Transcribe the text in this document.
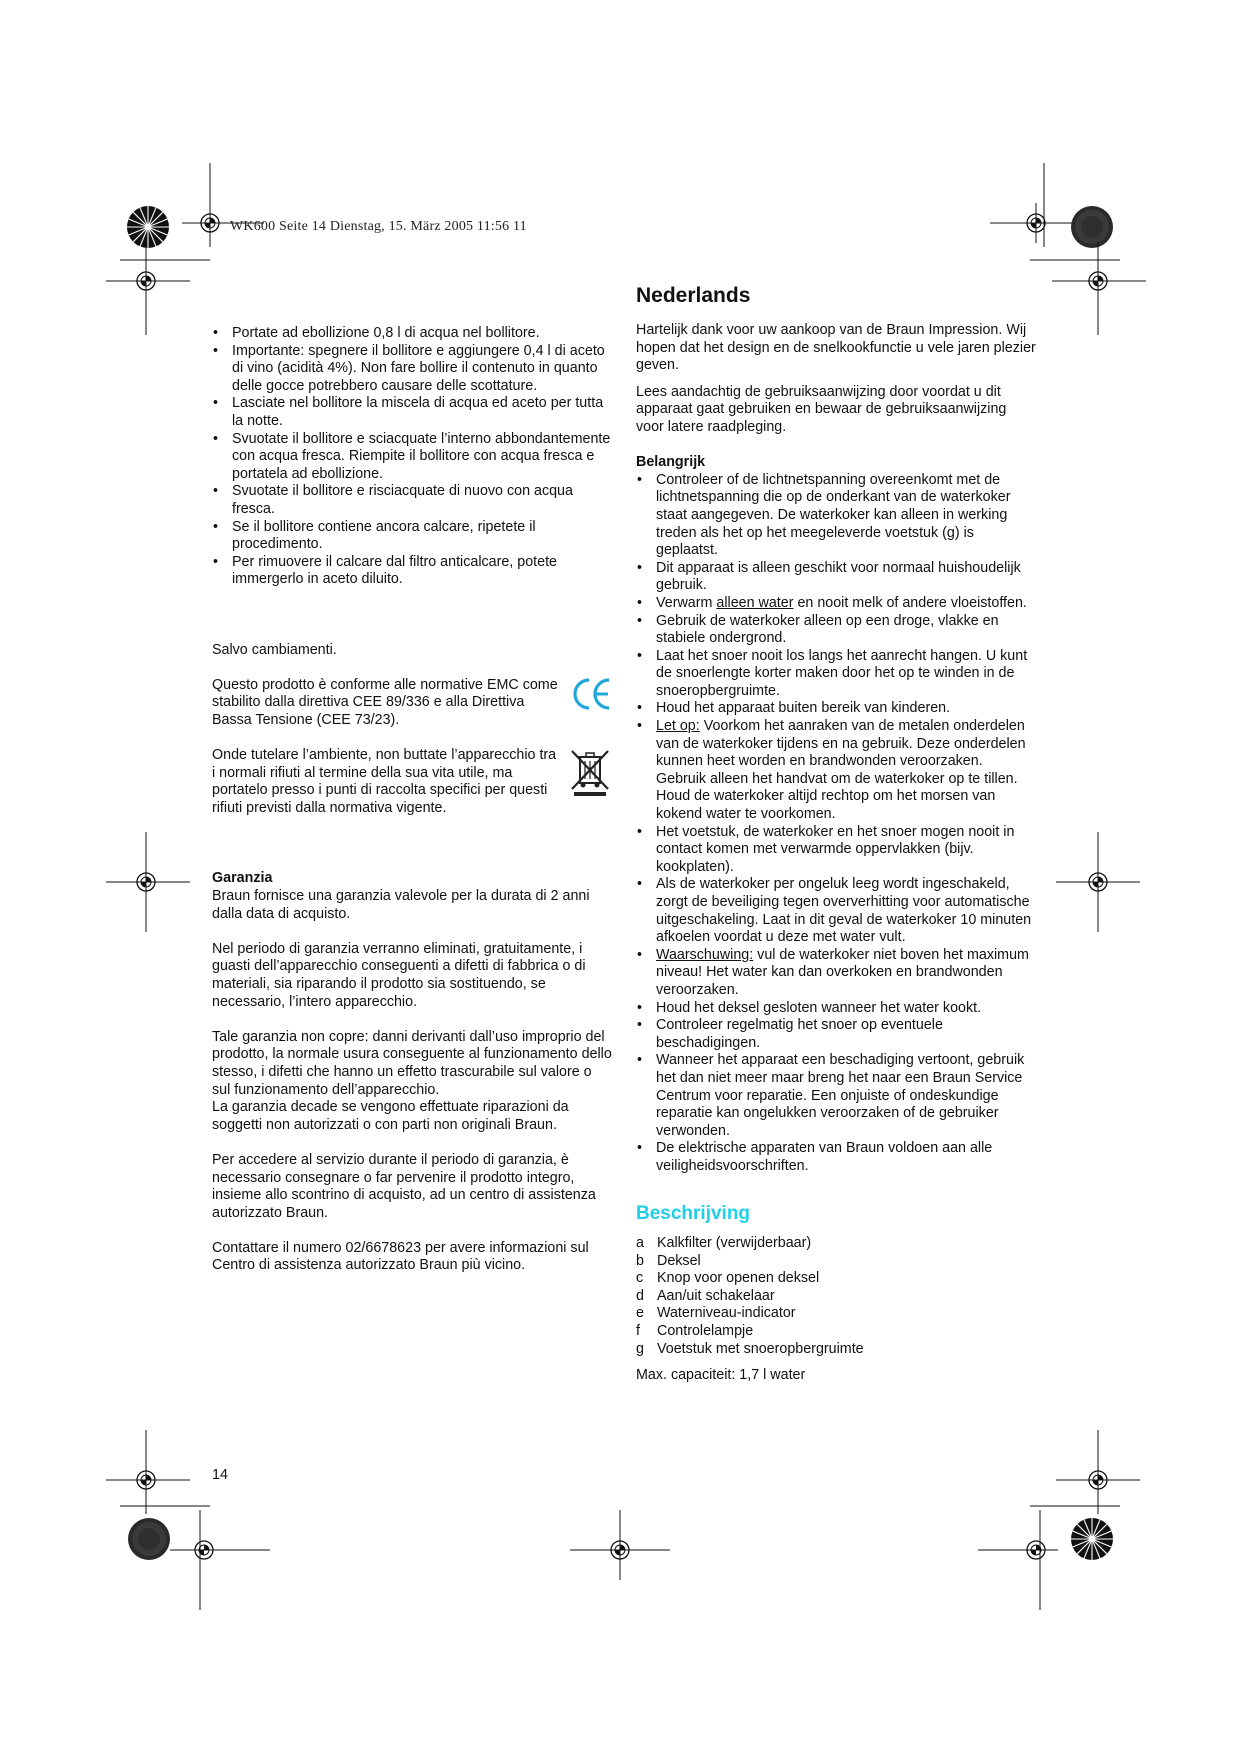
WK600 Seite 14 Dienstag, 15. März 2005 11:56 11
• Portate ad ebollizione 0,8 l di acqua nel bollitore.
• Importante: spegnere il bollitore e aggiungere 0,4 l di aceto di vino (acidità 4%). Non fare bollire il contenuto in quanto delle gocce potrebbero causare delle scottature.
• Lasciate nel bollitore la miscela di acqua ed aceto per tutta la notte.
• Svuotate il bollitore e sciacquate l’interno abbondantemente con acqua fresca. Riempite il bollitore con acqua fresca e portatela ad ebollizione.
• Svuotate il bollitore e risciacquate di nuovo con acqua fresca.
• Se il bollitore contiene ancora calcare, ripetete il procedimento.
• Per rimuovere il calcare dal filtro anticalcare, potete immergerlo in aceto diluito.

Salvo cambiamenti.

Questo prodotto è conforme alle normative EMC come stabilito dalla direttiva CEE 89/336 e alla Direttiva Bassa Tensione (CEE 73/23).

Onde tutelare l’ambiente, non buttate l’apparecchio tra i normali rifiuti al termine della sua vita utile, ma portatelo presso i punti di raccolta specifici per questi rifiuti previsti dalla normativa vigente.

Garanzia

Braun fornisce una garanzia valevole per la durata di 2 anni dalla data di acquisto.

Nel periodo di garanzia verranno eliminati, gratuitamente, i guasti dell’apparecchio conseguenti a difetti di fabbrica o di materiali, sia riparando il prodotto sia sostituendo, se necessario, l’intero apparecchio.

Tale garanzia non copre: danni derivanti dall’uso improprio del prodotto, la normale usura conseguente al funzionamento dello stesso, i difetti che hanno un effetto trascurabile sul valore o sul funzionamento dell’apparecchio.

La garanzia decade se vengono effettuate riparazioni da soggetti non autorizzati o con parti non originali Braun.

Per accedere al servizio durante il periodo di garanzia, è necessario consegnare o far pervenire il prodotto integro, insieme allo scontrino di acquisto, ad un centro di assistenza autorizzato Braun.

Contattare il numero 02/6678623 per avere informazioni sul Centro di assistenza autorizzato Braun più vicino.

Nederlands

Hartelijk dank voor uw aankoop van de Braun Impression. Wij hopen dat het design en de snelkookfunctie u vele jaren plezier geven.

Lees aandachtig de gebruiksaanwijzing door voordat u dit apparaat gaat gebruiken en bewaar de gebruiksaanwijzing voor latere raadpleging.

Belangrijk

• Controleer of de lichtnetspanning overeenkomt met de lichtnetspanning die op de onderkant van de waterkoker staat aangegeven. De waterkoker kan alleen in werking treden als het op het meegeleverde voetstuk (g) is geplaatst.
• Dit apparaat is alleen geschikt voor normaal huishoudelijk gebruik.
• Verwarm alleen water en nooit melk of andere vloeistoffen.
• Gebruik de waterkoker alleen op een droge, vlakke en stabiele ondergrond.
• Laat het snoer nooit los langs het aanrecht hangen. U kunt de snoerlengte korter maken door het op te winden in de snoeropbergruimte.
• Houd het apparaat buiten bereik van kinderen.
• Let op: Voorkom het aanraken van de metalen onderdelen van de waterkoker tijdens en na gebruik. Deze onderdelen kunnen heet worden en brandwonden veroorzaken. Gebruik alleen het handvat om de waterkoker op te tillen. Houd de waterkoker altijd rechtop om het morsen van kokend water te voorkomen.
• Het voetstuk, de waterkoker en het snoer mogen nooit in contact komen met verwarmde oppervlakken (bijv. kookplaten).
• Als de waterkoker per ongeluk leeg wordt ingeschakeld, zorgt de beveiliging tegen oververhitting voor automatische uitgeschakeling. Laat in dit geval de waterkoker 10 minuten afkoelen voordat u deze met water vult.
• Waarschuwing: vul de waterkoker niet boven het maximum niveau! Het water kan dan overkoken en brandwonden veroorzaken.
• Houd het deksel gesloten wanneer het water kookt.
• Controleer regelmatig het snoer op eventuele beschadigingen.
• Wanneer het apparaat een beschadiging vertoont, gebruik het dan niet meer maar breng het naar een Braun Service Centrum voor reparatie. Een onjuiste of ondeskundige reparatie kan ongelukken veroorzaken of de gebruiker verwonden.
• De elektrische apparaten van Braun voldoen aan alle veiligheidsvoorschriften.
Beschrijving
a Kalkfilter (verwijderbaar)
b Deksel
c Knop voor openen deksel
d Aan/uit schakelaar
e Waterniveau-indicator
f Controlelampje
g Voetstuk met snoeropbergruimte

Max. capaciteit: 1,7 l water

14
